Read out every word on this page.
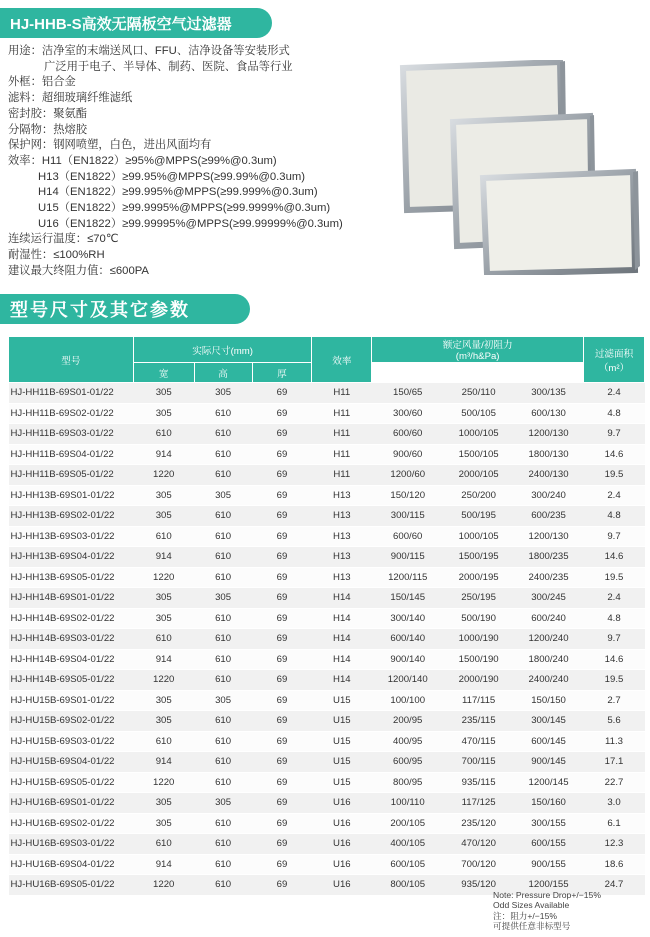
HJ-HHB-S高效无隔板空气过滤器
用途：洁净室的末端送风口、FFU、洁净设备等安装形式
广泛用于电子、半导体、制药、医院、食品等行业
外框：铝合金
滤料：超细玻璃纤维滤纸
密封胶：聚氨酯
分隔物：热熔胶
保护网：钢网喷塑，白色，进出风面均有
效率：H11（EN1822）≥95%@MPPS(≥99%@0.3um)
H13（EN1822）≥99.95%@MPPS(≥99.99%@0.3um)
H14（EN1822）≥99.995%@MPPS(≥99.999%@0.3um)
U15（EN1822）≥99.9995%@MPPS(≥99.9999%@0.3um)
U16（EN1822）≥99.99995%@MPPS(≥99.99999%@0.3um)
连续运行温度：≤70℃
耐湿性：≤100%RH
建议最大终阻力值：≤600PA
型号尺寸及其它参数
型号	实际尺寸(mm)			效率	额定风量/初阻力
(m³/h&Pa)			过滤面积（m²）
	宽	高	厚					
HJ-HH11B-69S01-01/22	305	305	69	H11	150/65	250/110	300/135	2.4
HJ-HH11B-69S02-01/22	305	610	69	H11	300/60	500/105	600/130	4.8
HJ-HH11B-69S03-01/22	610	610	69	H11	600/60	1000/105	1200/130	9.7
HJ-HH11B-69S04-01/22	914	610	69	H11	900/60	1500/105	1800/130	14.6
HJ-HH11B-69S05-01/22	1220	610	69	H11	1200/60	2000/105	2400/130	19.5
HJ-HH13B-69S01-01/22	305	305	69	H13	150/120	250/200	300/240	2.4
HJ-HH13B-69S02-01/22	305	610	69	H13	300/115	500/195	600/235	4.8
HJ-HH13B-69S03-01/22	610	610	69	H13	600/60	1000/105	1200/130	9.7
HJ-HH13B-69S04-01/22	914	610	69	H13	900/115	1500/195	1800/235	14.6
HJ-HH13B-69S05-01/22	1220	610	69	H13	1200/115	2000/195	2400/235	19.5
HJ-HH14B-69S01-01/22	305	305	69	H14	150/145	250/195	300/245	2.4
HJ-HH14B-69S02-01/22	305	610	69	H14	300/140	500/190	600/240	4.8
HJ-HH14B-69S03-01/22	610	610	69	H14	600/140	1000/190	1200/240	9.7
HJ-HH14B-69S04-01/22	914	610	69	H14	900/140	1500/190	1800/240	14.6
HJ-HH14B-69S05-01/22	1220	610	69	H14	1200/140	2000/190	2400/240	19.5
HJ-HU15B-69S01-01/22	305	305	69	U15	100/100	117/115	150/150	2.7
HJ-HU15B-69S02-01/22	305	610	69	U15	200/95	235/115	300/145	5.6
HJ-HU15B-69S03-01/22	610	610	69	U15	400/95	470/115	600/145	11.3
HJ-HU15B-69S04-01/22	914	610	69	U15	600/95	700/115	900/145	17.1
HJ-HU15B-69S05-01/22	1220	610	69	U15	800/95	935/115	1200/145	22.7
HJ-HU16B-69S01-01/22	305	305	69	U16	100/110	117/125	150/160	3.0
HJ-HU16B-69S02-01/22	305	610	69	U16	200/105	235/120	300/155	6.1
HJ-HU16B-69S03-01/22	610	610	69	U16	400/105	470/120	600/155	12.3
HJ-HU16B-69S04-01/22	914	610	69	U16	600/105	700/120	900/155	18.6
HJ-HU16B-69S05-01/22	1220	610	69	U16	800/105	935/120	1200/155	24.7
Note: Pressure Drop+/−15%
Odd Sizes Available
注：阻力+/−15%
可提供任意非标型号
